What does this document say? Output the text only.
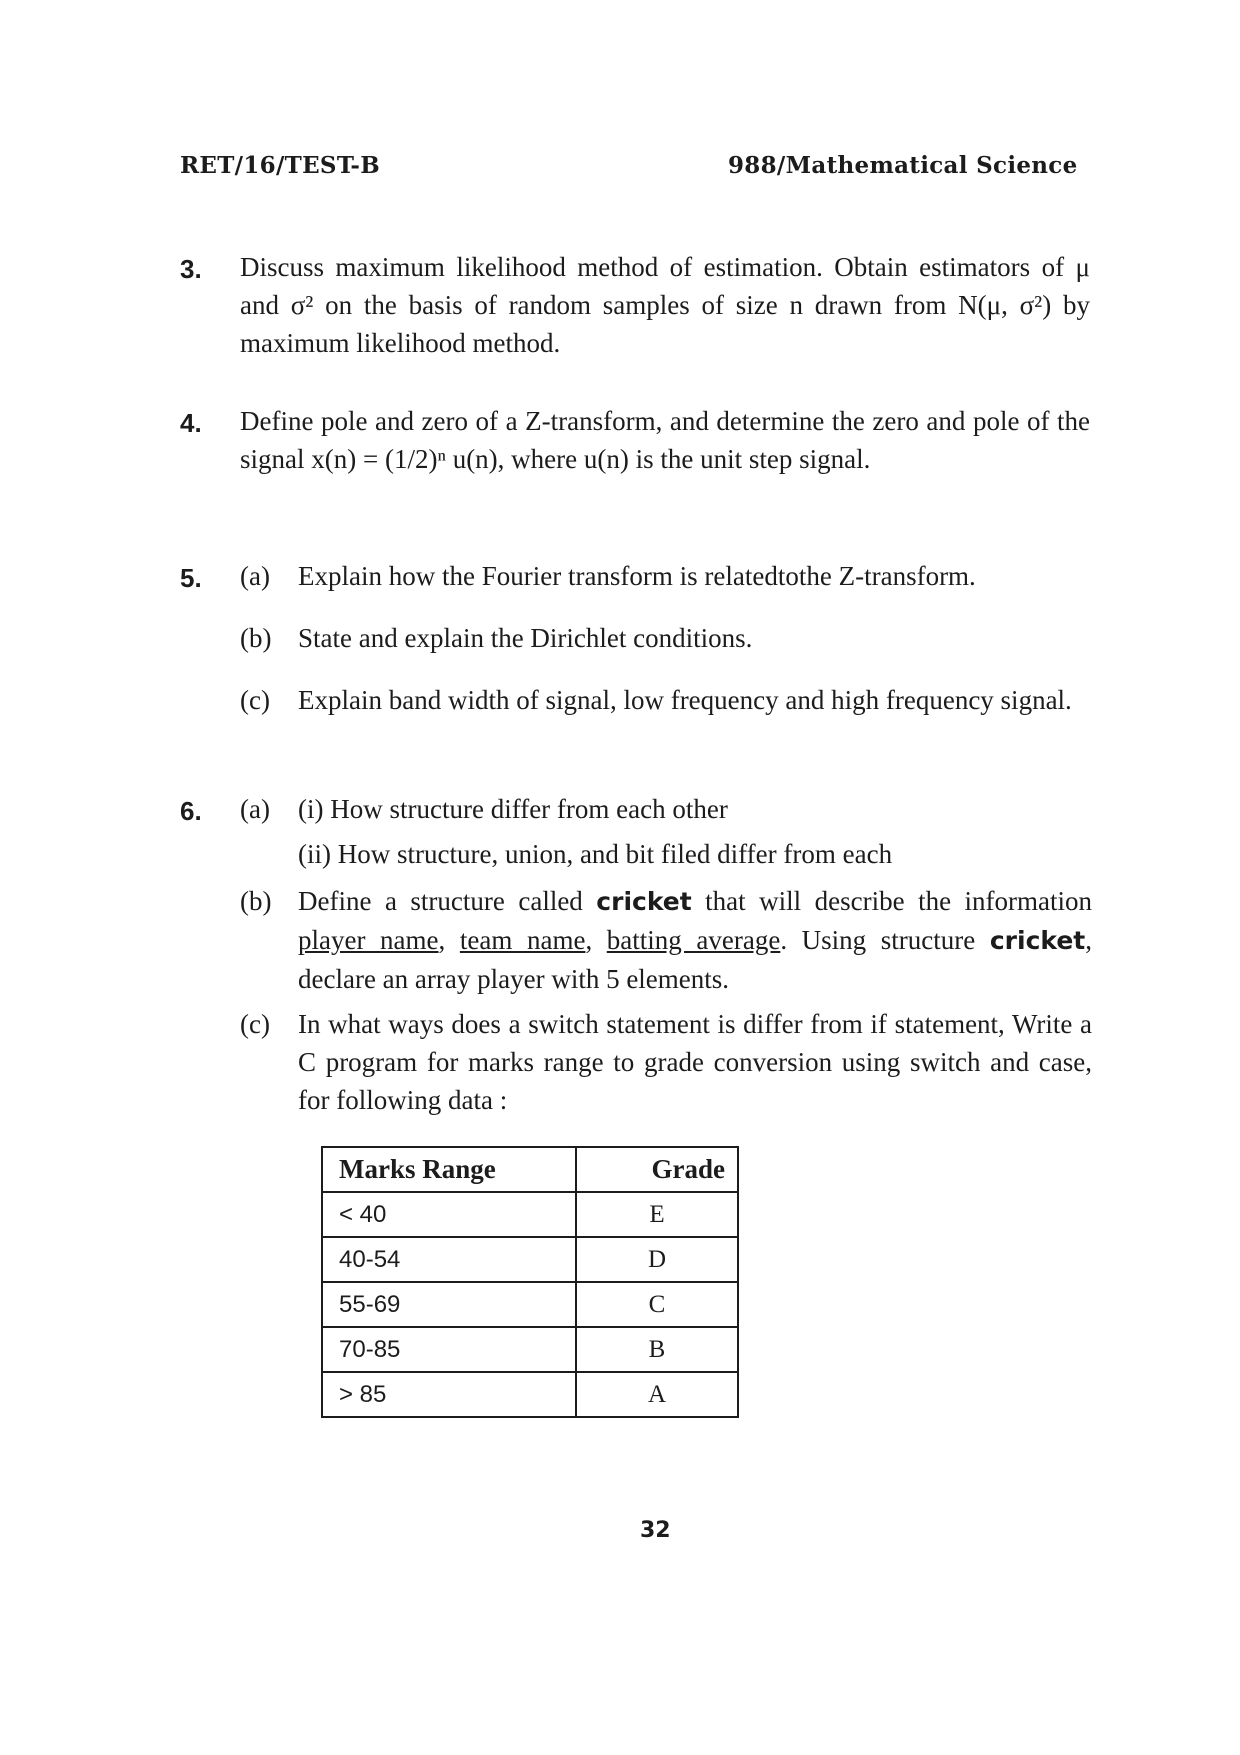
RET/16/TEST-B	988/Mathematical Science
3. Discuss maximum likelihood method of estimation. Obtain estimators of μ and σ² on the basis of random samples of size n drawn from N(μ, σ²) by maximum likelihood method.
4. Define pole and zero of a Z-transform, and determine the zero and pole of the signal x(n) = (1/2)ⁿ u(n), where u(n) is the unit step signal.
5. (a) Explain how the Fourier transform is relatedtothe Z-transform.
(b) State and explain the Dirichlet conditions.
(c) Explain band width of signal, low frequency and high frequency signal.
6. (a) (i) How structure differ from each other
(ii) How structure, union, and bit filed differ from each
(b) Define a structure called cricket that will describe the information player name, team name, batting average. Using structure cricket, declare an array player with 5 elements.
(c) In what ways does a switch statement is differ from if statement, Write a C program for marks range to grade conversion using switch and case, for following data :
Marks Range	Grade
< 40	E
40-54	D
55-69	C
70-85	B
> 85	A
32
